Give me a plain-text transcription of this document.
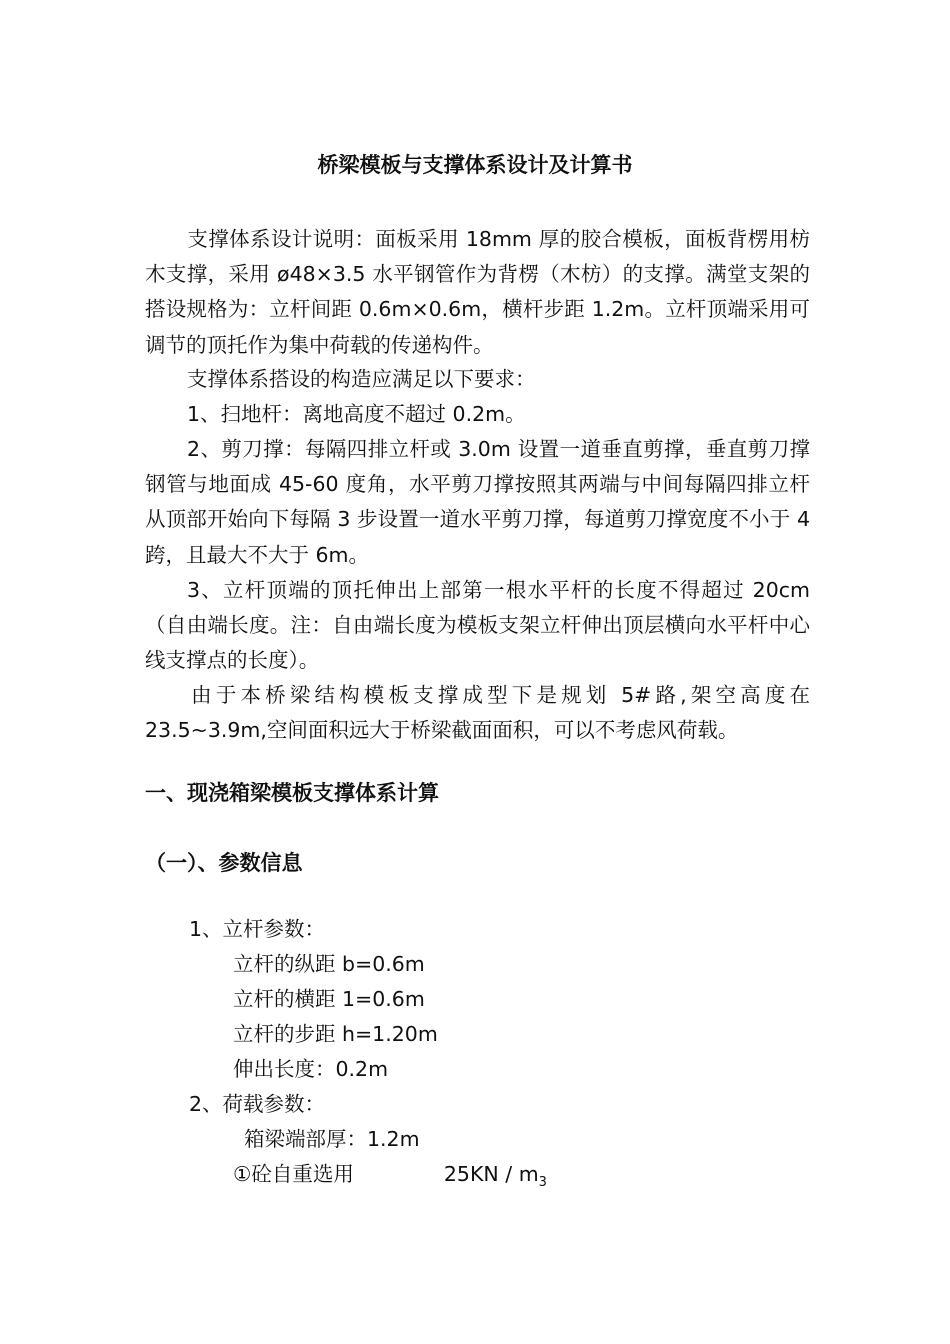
桥梁模板与支撑体系设计及计算书

支撑体系设计说明：面板采用 18mm 厚的胶合模板，面板背楞用枋木支撑，采用 ø48×3.5 水平钢管作为背楞（木枋）的支撑。满堂支架的搭设规格为：立杆间距 0.6m×0.6m，横杆步距 1.2m。立杆顶端采用可调节的顶托作为集中荷载的传递构件。

支撑体系搭设的构造应满足以下要求：

1、扫地杆：离地高度不超过 0.2m。

2、剪刀撑：每隔四排立杆或 3.0m 设置一道垂直剪撑，垂直剪刀撑钢管与地面成 45-60 度角，水平剪刀撑按照其两端与中间每隔四排立杆从顶部开始向下每隔 3 步设置一道水平剪刀撑，每道剪刀撑宽度不小于 4 跨，且最大不大于 6m。

3、立杆顶端的顶托伸出上部第一根水平杆的长度不得超过 20cm（自由端长度。注：自由端长度为模板支架立杆伸出顶层横向水平杆中心线支撑点的长度）。

由于本桥梁结构模板支撑成型下是规划 5#路,架空高度在 23.5~3.9m,空间面积远大于桥梁截面面积，可以不考虑风荷载。

一、现浇箱梁模板支撑体系计算
（一）、参数信息
1、立杆参数：
立杆的纵距 b=0.6m
立杆的横距 1=0.6m
立杆的步距 h=1.20m
伸出长度：0.2m
2、荷载参数：
箱梁端部厚：1.2m
①砼自重选用	$25KN / m_3$
